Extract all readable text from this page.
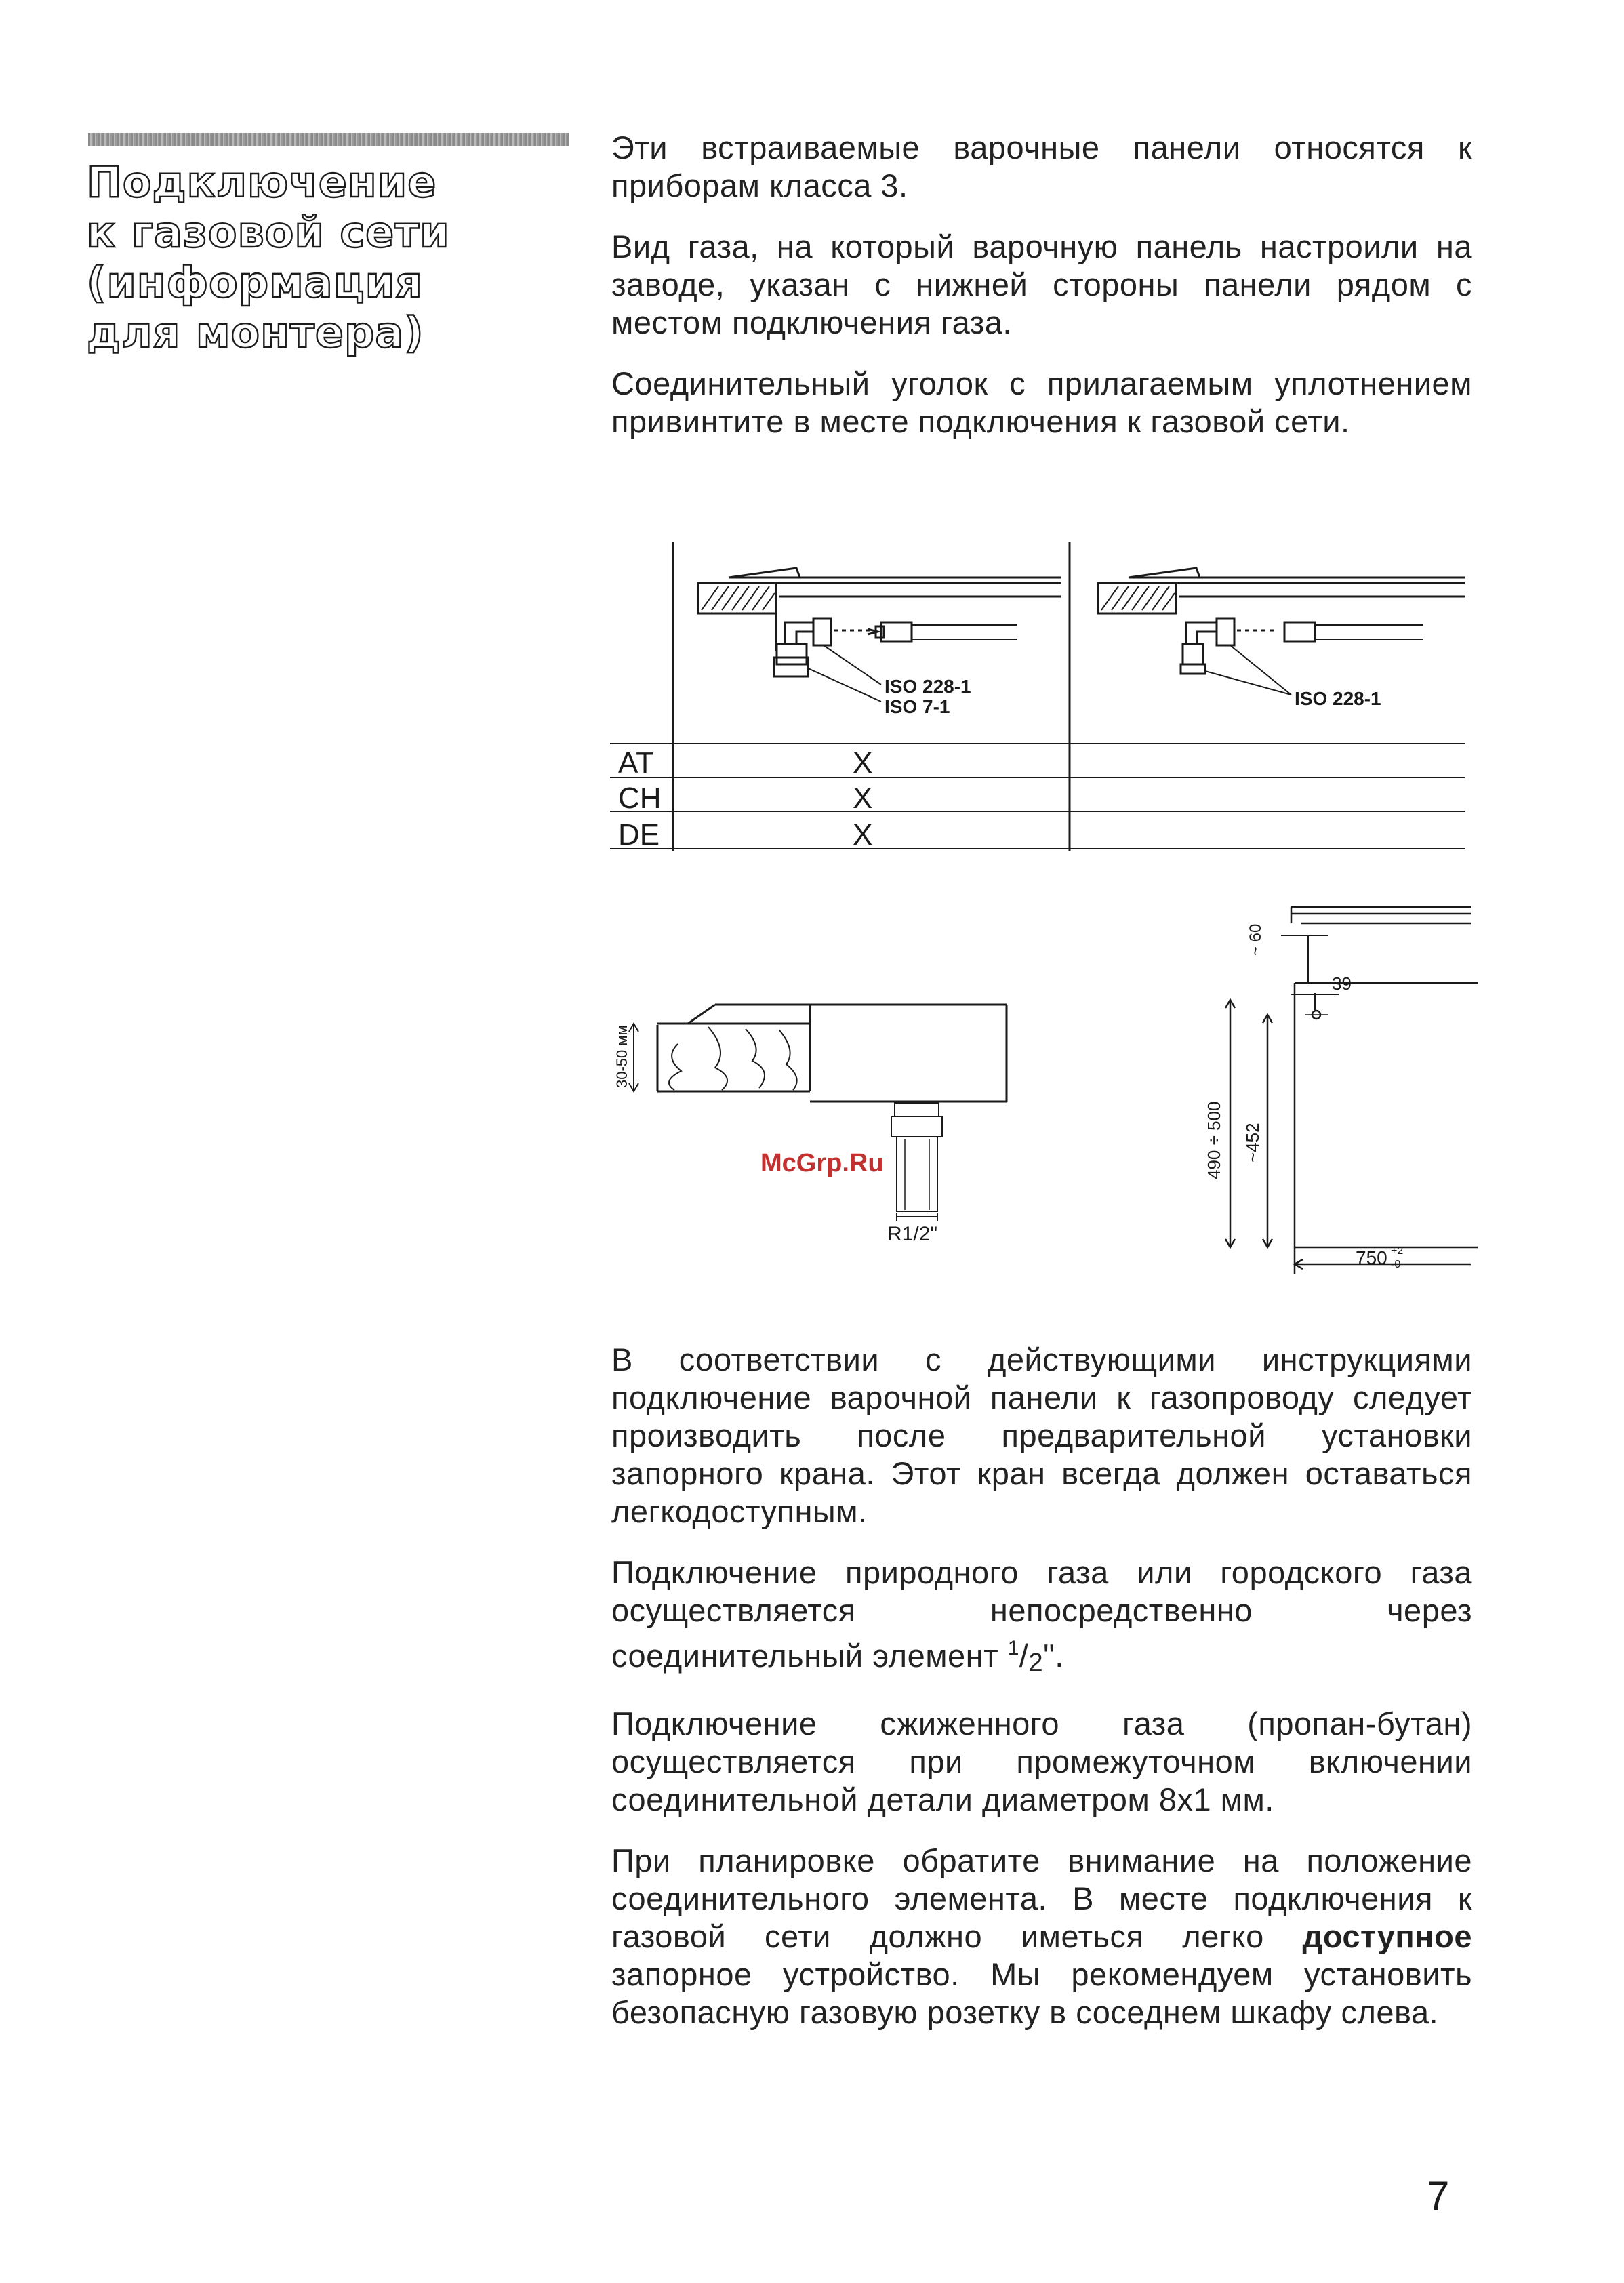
Подключение
к газовой сети
(информация
для монтера)

Эти встраиваемые варочные панели относятся к приборам класса 3.

Вид газа, на который варочную панель настроили на заводе, указан с нижней стороны панели рядом с местом подключения газа.

Соединительный уголок с прилагаемым уплотнением привинтите в месте подключения к газовой сети.

ISO 228-1
ISO 7-1	ISO 228-1
AT
CH
DE
X
X
X
30-50 мм
R1/2"
McGrp.Ru
~ 60
39
490 ÷ 500 ~452
750 +2
-0

В соответствии с действующими инструкциями подключение варочной панели к газопроводу следует производить после предварительной установки запорного крана. Этот кран всегда должен оставаться легкодоступным.

Подключение природного газа или городского газа осуществляется непосредственно через соединительный элемент $^1$/2".

Подключение сжиженного газа (пропан-бутан) осуществляется при промежуточном включении соединительной детали диаметром 8x1 мм.

При планировке обратите внимание на положение соединительного элемента. В месте подключения к газовой сети должно иметься легко доступное запорное устройство. Мы рекомендуем установить безопасную газовую розетку в соседнем шкафу слева.

7
